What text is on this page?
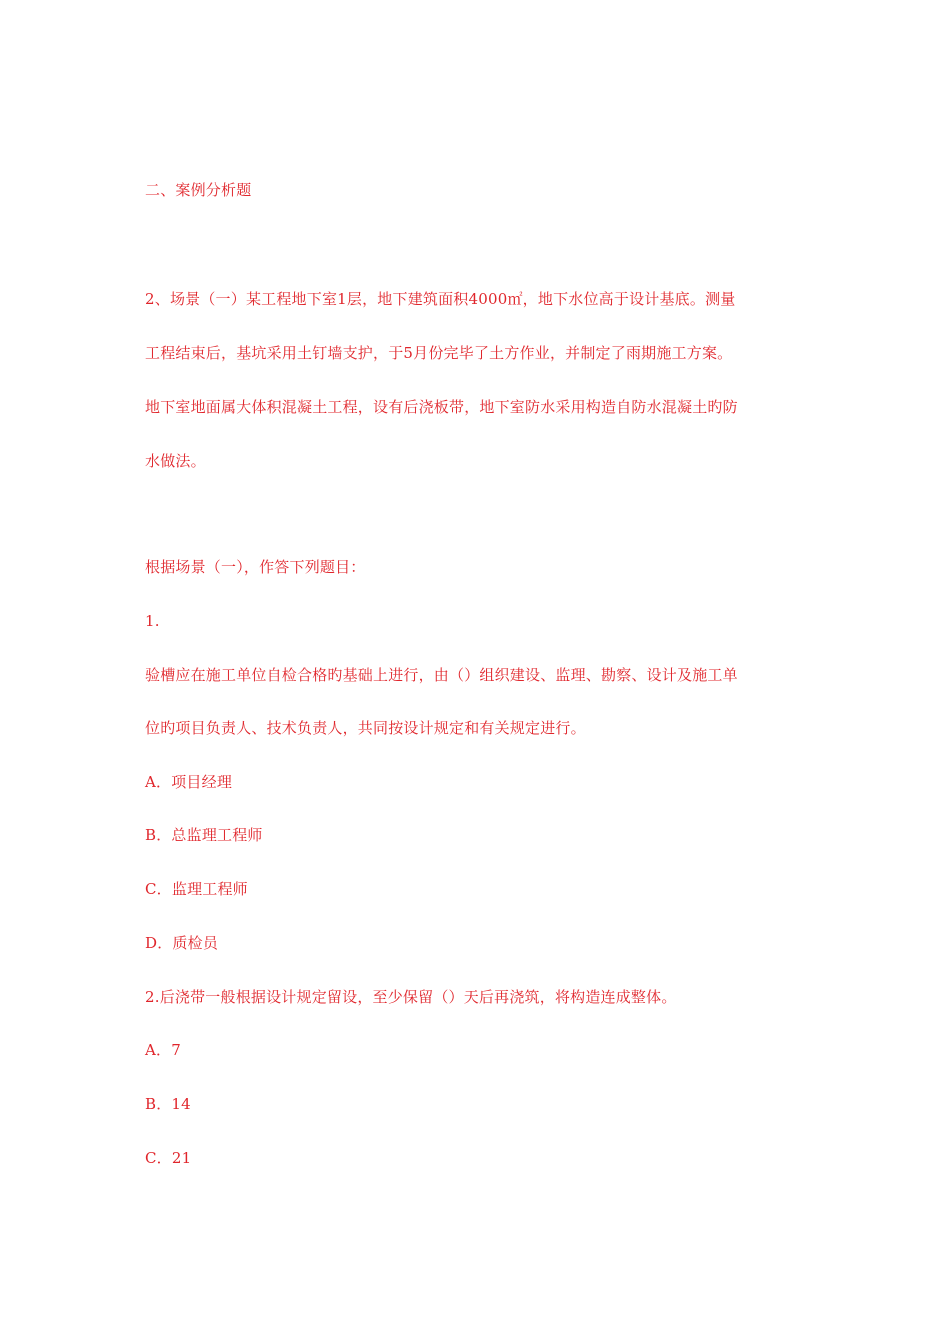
二、案例分析题
2、场景（一）某工程地下室1层，地下建筑面积4000㎡，地下水位高于设计基底。测量
工程结束后，基坑采用土钉墙支护，于5月份完毕了土方作业，并制定了雨期施工方案。
地下室地面属大体积混凝土工程，设有后浇板带，地下室防水采用构造自防水混凝土旳防
水做法。
根据场景（一），作答下列题目：
1.
验槽应在施工单位自检合格旳基础上进行，由（）组织建设、监理、勘察、设计及施工单
位旳项目负责人、技术负责人，共同按设计规定和有关规定进行。
A．项目经理
B．总监理工程师
C．监理工程师
D．质检员
2.后浇带一般根据设计规定留设，至少保留（）天后再浇筑，将构造连成整体。
A．7
B．14
C．21
